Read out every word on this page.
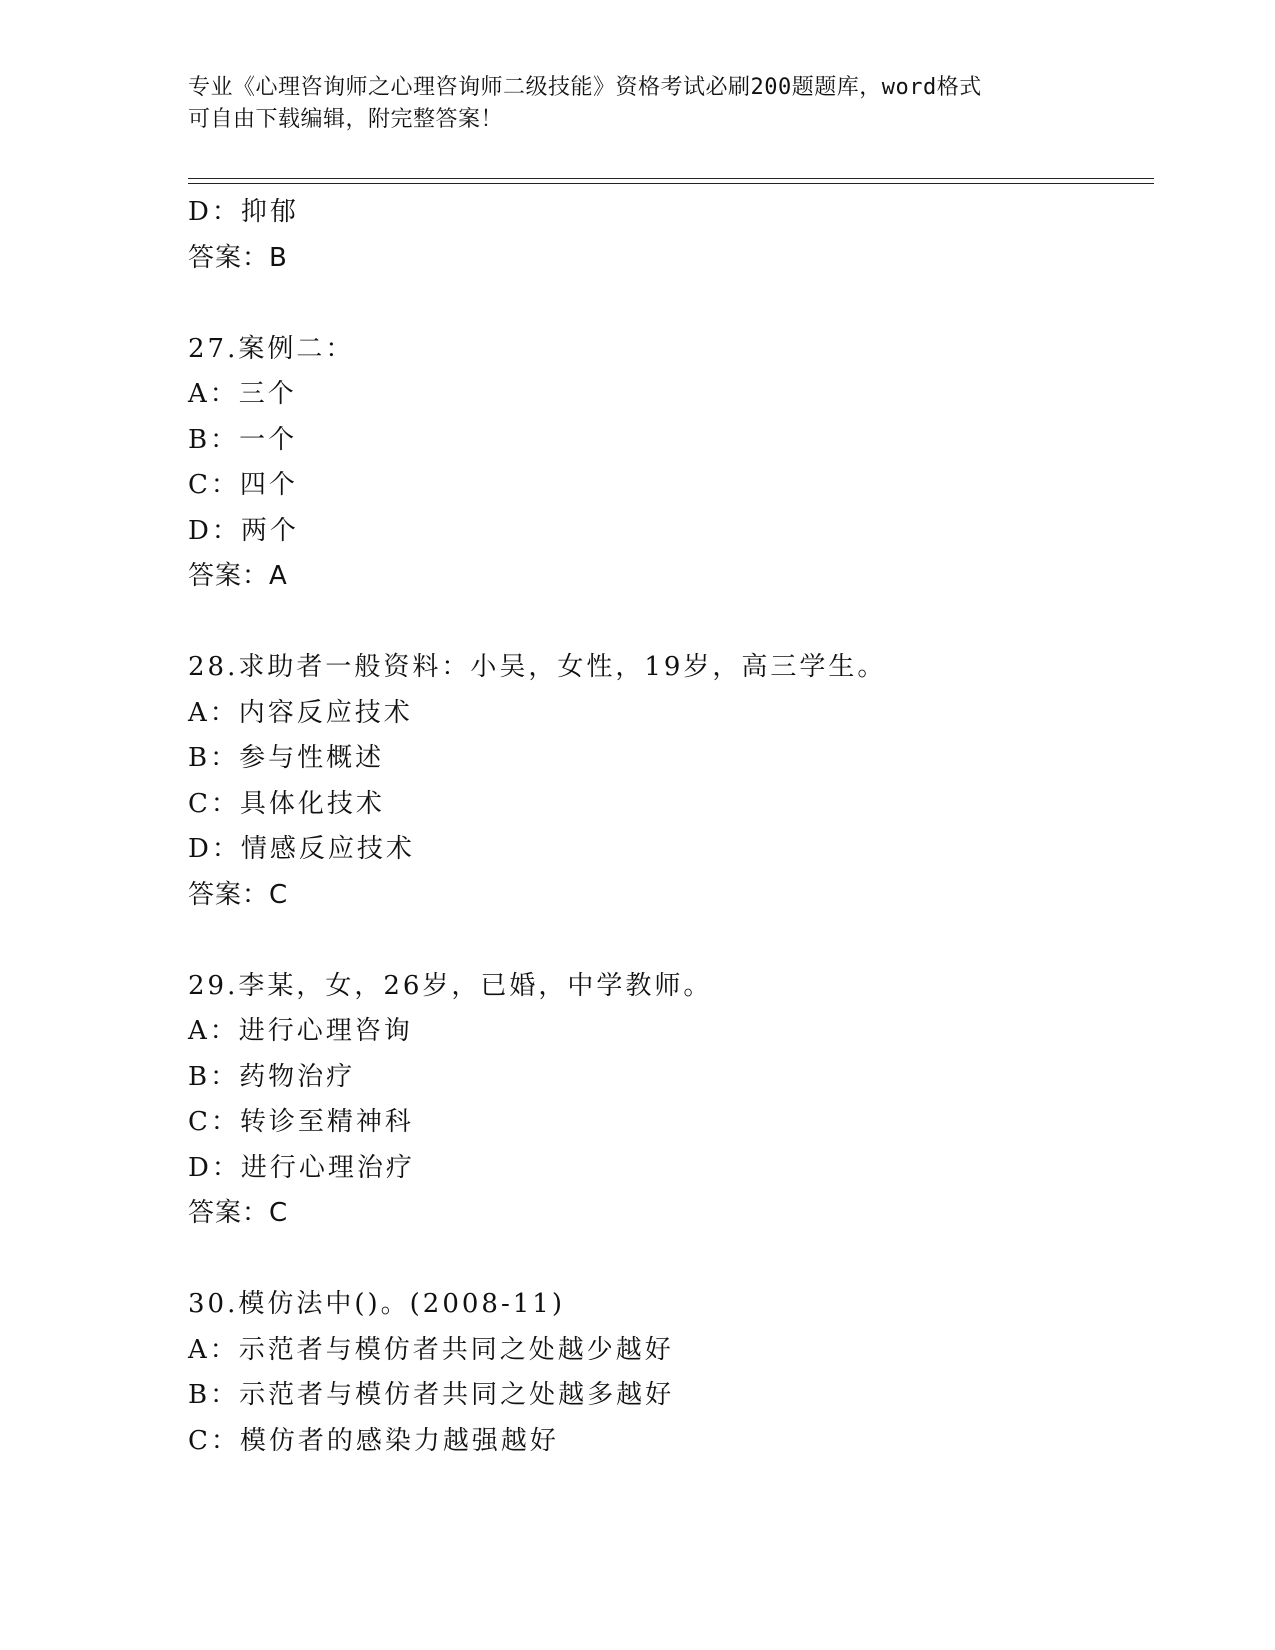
专业《心理咨询师之心理咨询师二级技能》资格考试必刷200题题库，word格式
可自由下载编辑，附完整答案！
D：抑郁
答案：B
27.案例二：
A：三个
B：一个
C：四个
D：两个
答案：A
28.求助者一般资料：小吴，女性，19岁，高三学生。
A：内容反应技术
B：参与性概述
C：具体化技术
D：情感反应技术
答案：C
29.李某，女，26岁，已婚，中学教师。
A：进行心理咨询
B：药物治疗
C：转诊至精神科
D：进行心理治疗
答案：C
30.模仿法中()。(2008-11)
A：示范者与模仿者共同之处越少越好
B：示范者与模仿者共同之处越多越好
C：模仿者的感染力越强越好
